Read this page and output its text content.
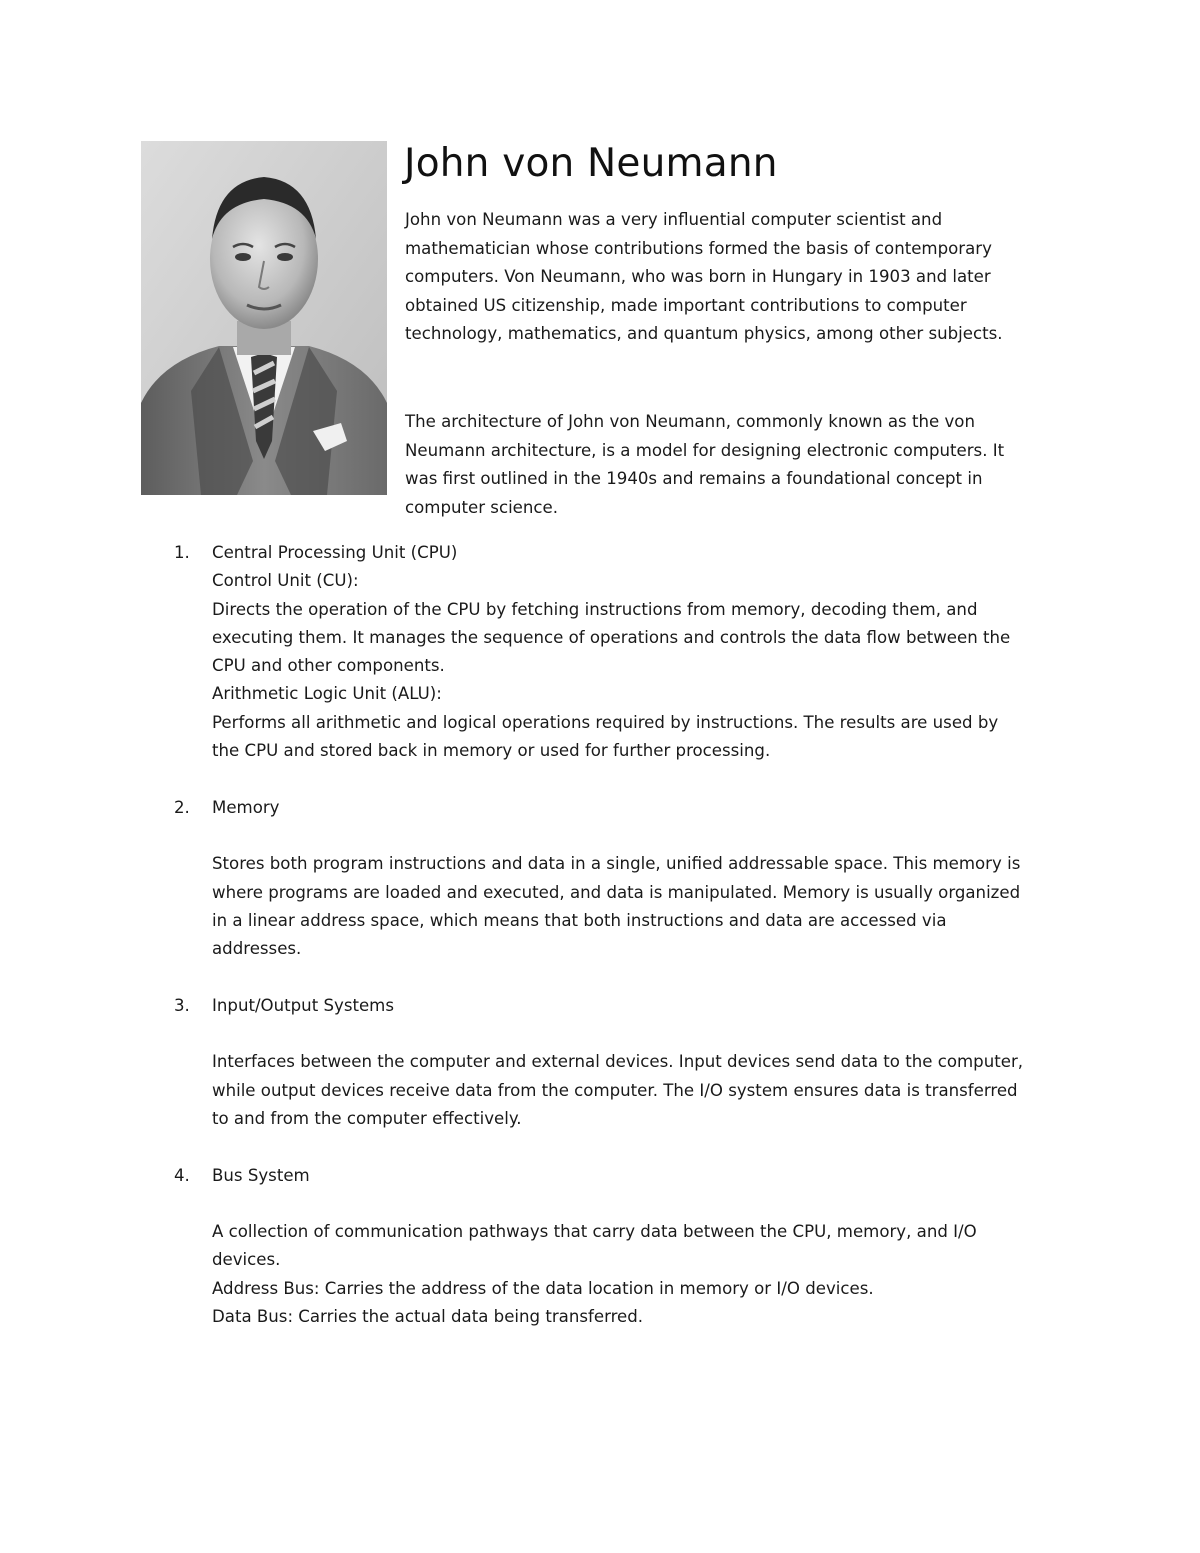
John von Neumann

John von Neumann was a very influential computer scientist and
mathematician whose contributions formed the basis of contemporary
computers. Von Neumann, who was born in Hungary in 1903 and later
obtained US citizenship, made important contributions to computer
technology, mathematics, and quantum physics, among other subjects.

The architecture of John von Neumann, commonly known as the von
Neumann architecture, is a model for designing electronic computers. It
was first outlined in the 1940s and remains a foundational concept in
computer science.

1. Central Processing Unit (CPU)
Control Unit (CU):
Directs the operation of the CPU by fetching instructions from memory, decoding them, and
executing them. It manages the sequence of operations and controls the data flow between the
CPU and other components.
Arithmetic Logic Unit (ALU):
Performs all arithmetic and logical operations required by instructions. The results are used by
the CPU and stored back in memory or used for further processing.
2. Memory
Stores both program instructions and data in a single, unified addressable space. This memory is
where programs are loaded and executed, and data is manipulated. Memory is usually organized
in a linear address space, which means that both instructions and data are accessed via
addresses.
3. Input/Output Systems
Interfaces between the computer and external devices. Input devices send data to the computer,
while output devices receive data from the computer. The I/O system ensures data is transferred
to and from the computer effectively.
4. Bus System
A collection of communication pathways that carry data between the CPU, memory, and I/O
devices.
Address Bus: Carries the address of the data location in memory or I/O devices.
Data Bus: Carries the actual data being transferred.
